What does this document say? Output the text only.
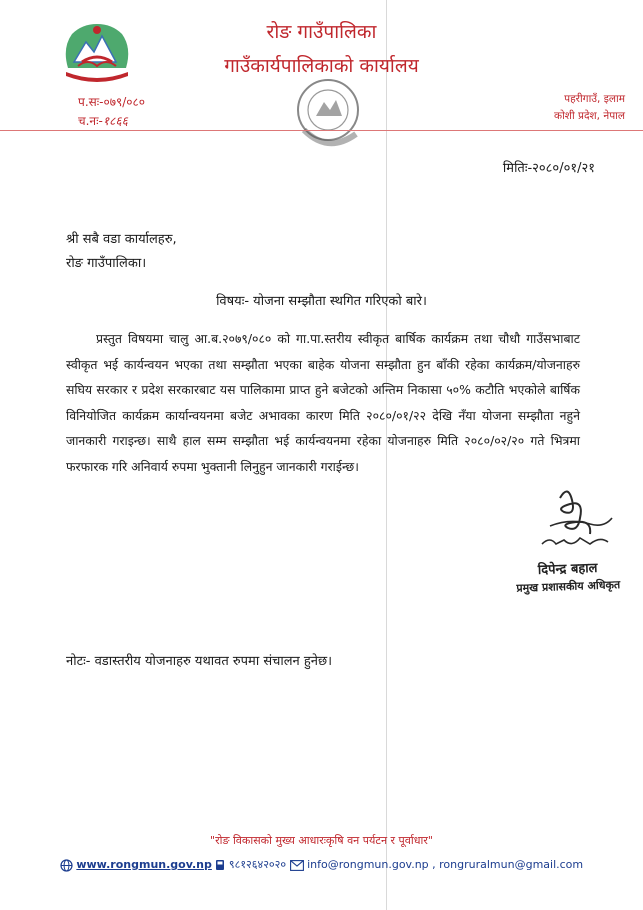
रोङ गाउँपालिका
गाउँकार्यपालिकाको कार्यालय
प.सः-०७९/०८०
च.नः-१८६६
पहरीगाउँ, इलाम
कोशी प्रदेश, नेपाल
मितिः-२०८०/०१/२१
श्री सबै वडा कार्यालहरु,
रोङ गाउँपालिका।
विषयः- योजना सम्झौता स्थगित गरिएको बारे।
प्रस्तुत विषयमा चालु आ.ब.२०७९/०८० को गा.पा.स्तरीय स्वीकृत बार्षिक कार्यक्रम तथा चौधौ गाउँसभाबाट स्वीकृत भई कार्यन्वयन भएका तथा सम्झौता भएका बाहेक योजना सम्झौता हुन बाँकी रहेका कार्यक्रम/योजनाहरु सघिय सरकार र प्रदेश सरकारबाट यस पालिकामा प्राप्त हुने बजेटको अन्तिम निकासा ५०% कटौति भएकोले बार्षिक विनियोजित कार्यक्रम कार्यान्वयनमा बजेट अभावका कारण मिति २०८०/०१/२२ देखि नँया योजना सम्झौता नहुने जानकारी गराइन्छ। साथै हाल सम्म सम्झौता भई कार्यन्वयनमा रहेका योजनाहरु मिति २०८०/०२/२० गते भित्रमा फरफारक गरि अनिवार्य रुपमा भुक्तानी लिनुहुन जानकारी गराईन्छ।
दिपेन्द्र बहाल
प्रमुख प्रशासकीय अधिकृत
नोटः- वडास्तरीय योजनाहरु यथावत रुपमा संचालन हुनेछ।
"रोङ विकासको मुख्य आधारःकृषि वन पर्यटन र पूर्वाधार"
www.rongmun.gov.np ९८१२६४२०२० info@rongmun.gov.np , rongruralmun@gmail.com
